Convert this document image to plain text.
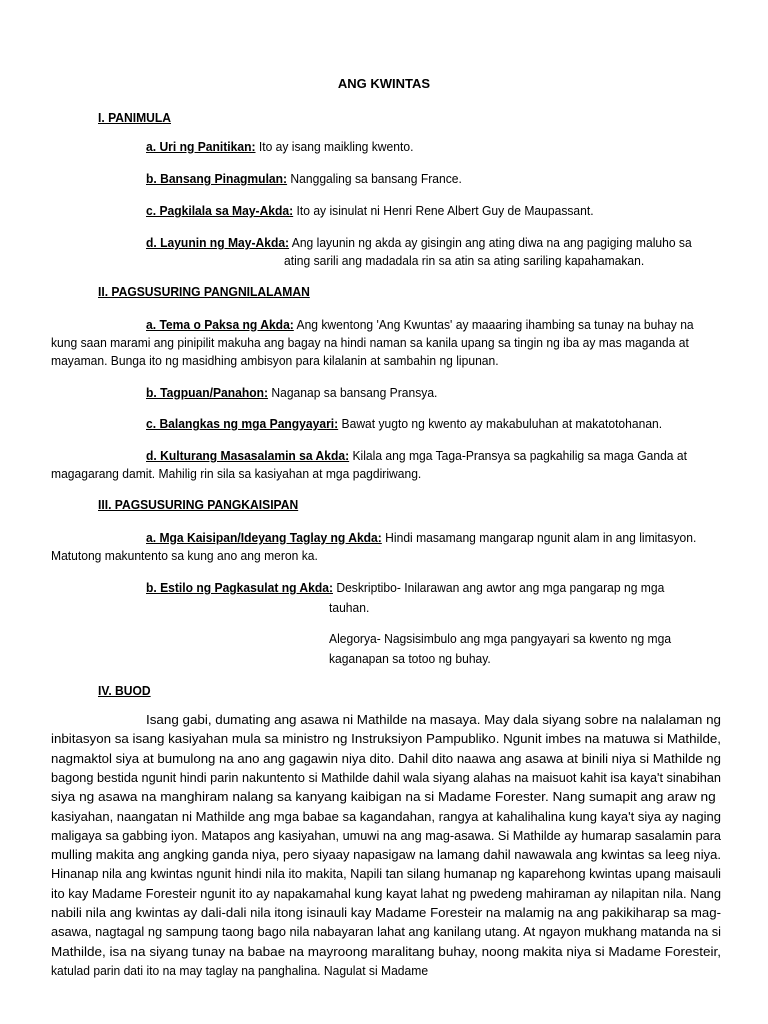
ANG KWINTAS
I. PANIMULA
a. Uri ng Panitikan: Ito ay isang maikling kwento.
b. Bansang Pinagmulan: Nanggaling sa bansang France.
c. Pagkilala sa May-Akda: Ito ay isinulat ni Henri Rene Albert Guy de Maupassant.
d. Layunin ng May-Akda: Ang layunin ng akda ay gisingin ang ating diwa na ang pagiging maluho sa
ating sarili ang madadala rin sa atin sa ating sariling kapahamakan.
II. PAGSUSURING PANGNILALAMAN
a. Tema o Paksa ng Akda: Ang kwentong 'Ang Kwuntas' ay maaaring ihambing sa tunay na buhay na
kung saan marami ang pinipilit makuha ang bagay na hindi naman sa kanila upang sa tingin ng iba ay mas maganda at
mayaman. Bunga ito ng masidhing ambisyon para kilalanin at sambahin ng lipunan.
b. Tagpuan/Panahon: Naganap sa bansang Pransya.
c. Balangkas ng mga Pangyayari: Bawat yugto ng kwento ay makabuluhan at makatotohanan.
d. Kulturang Masasalamin sa Akda: Kilala ang mga Taga-Pransya sa pagkahilig sa maga Ganda at
magagarang damit. Mahilig rin sila sa kasiyahan at mga pagdiriwang.
III. PAGSUSURING PANGKAISIPAN
a. Mga Kaisipan/Ideyang Taglay ng Akda: Hindi masamang mangarap ngunit alam in ang limitasyon.
Matutong makuntento sa kung ano ang meron ka.
b. Estilo ng Pagkasulat ng Akda: Deskriptibo- Inilarawan ang awtor ang mga pangarap ng mga
tauhan.
Alegorya- Nagsisimbulo ang mga pangyayari sa kwento ng mga
kaganapan sa totoo ng buhay.
IV. BUOD
Isang gabi, dumating ang asawa ni Mathilde na masaya. May dala siyang sobre na nalalaman ng
inbitasyon sa isang kasiyahan mula sa ministro ng Instruksiyon Pampubliko. Ngunit imbes na matuwa si Mathilde,
nagmaktol siya at bumulong na ano ang gagawin niya dito. Dahil dito naawa ang asawa at binili niya si Mathilde ng
bagong bestida ngunit hindi parin nakuntento si Mathilde dahil wala siyang alahas na maisuot kahit isa kaya't sinabihan
siya ng asawa na manghiram nalang sa kanyang kaibigan na si Madame Forester. Nang sumapit ang araw ng
kasiyahan, naangatan ni Mathilde ang mga babae sa kagandahan, rangya at kahalihalina kung kaya't siya ay naging
maligaya sa gabbing iyon. Matapos ang kasiyahan, umuwi na ang mag-asawa. Si Mathilde ay humarap sasalamin para
mulling makita ang angking ganda niya, pero siyaay napasigaw na lamang dahil nawawala ang kwintas sa leeg niya.
Hinanap nila ang kwintas ngunit hindi nila ito makita, Napili tan silang humanap ng kaparehong kwintas upang maisauli
ito kay Madame Foresteir ngunit ito ay napakamahal kung kayat lahat ng pwedeng mahiraman ay nilapitan nila. Nang
nabili nila ang kwintas ay dali-dali nila itong isinauli kay Madame Foresteir na malamig na ang pakikiharap sa mag-
asawa, nagtagal ng sampung taong bago nila nabayaran lahat ang kanilang utang. At ngayon mukhang matanda na si
Mathilde, isa na siyang tunay na babae na mayroong maralitang buhay, noong makita niya si Madame Foresteir,
katulad parin dati ito na may taglay na panghalina. Nagulat si Madame
